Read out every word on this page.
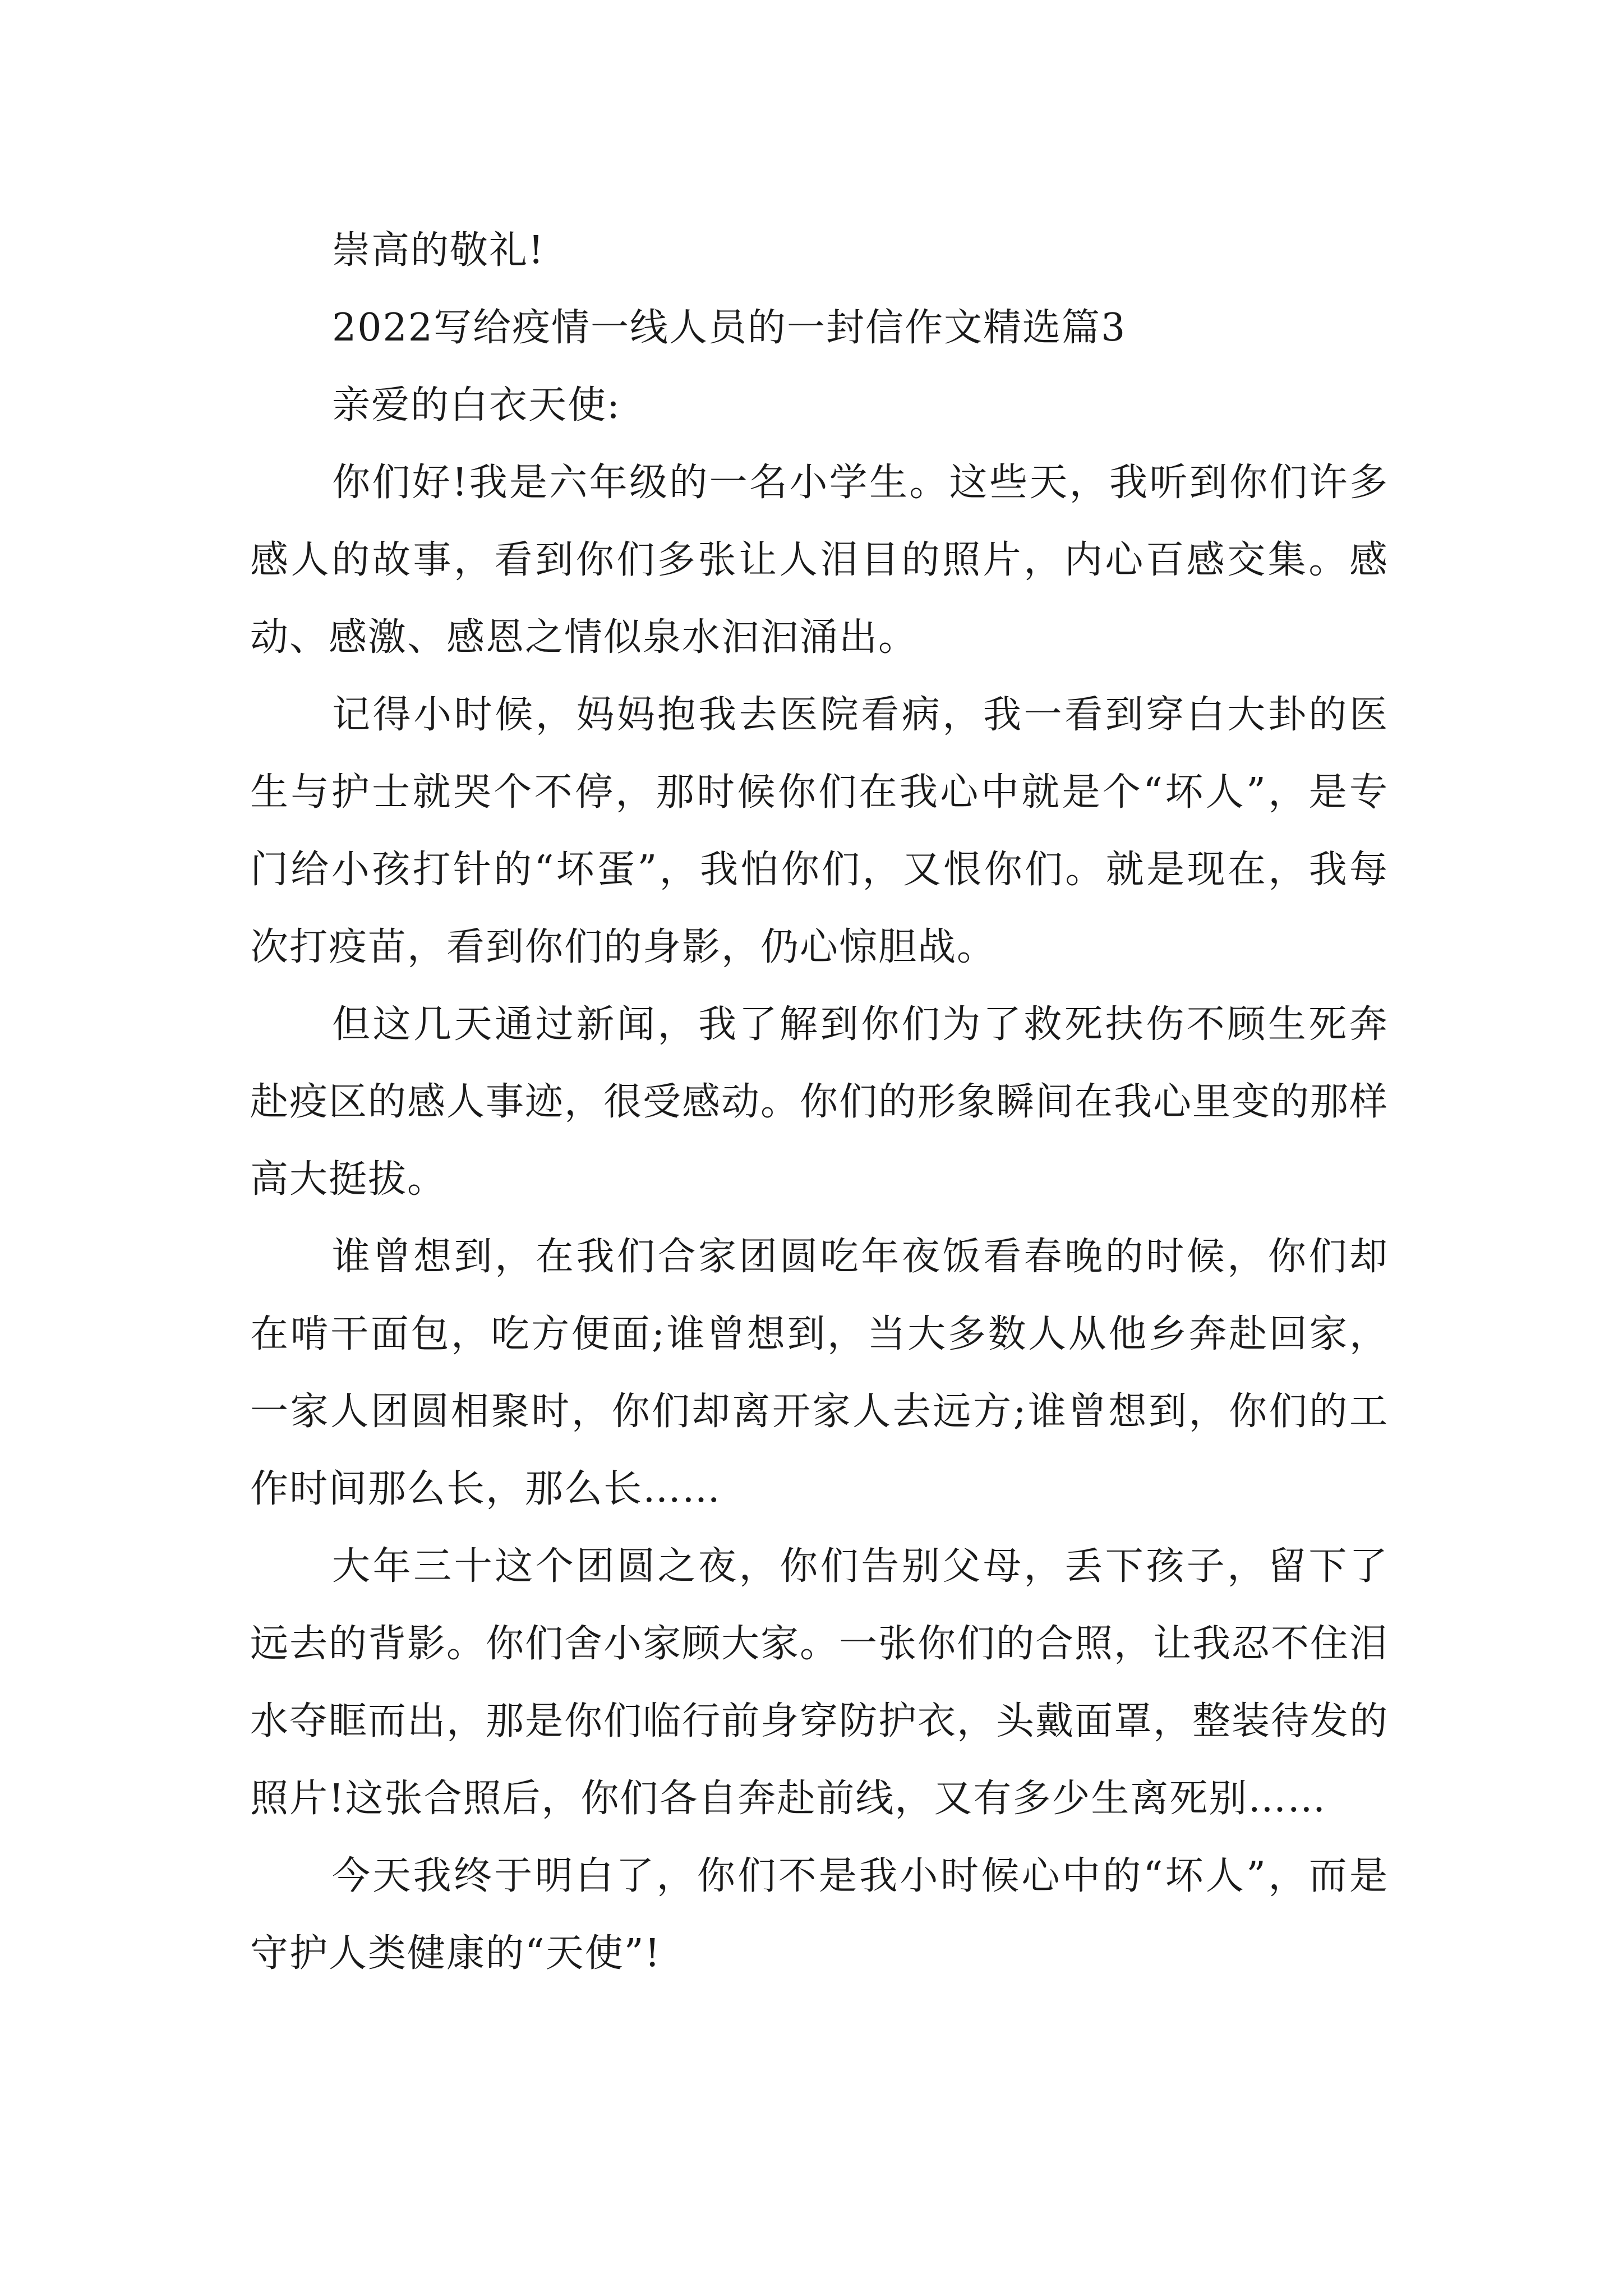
崇高的敬礼!

2022写给疫情一线人员的一封信作文精选篇3

亲爱的白衣天使:

你们好!我是六年级的一名小学生。这些天，我听到你们许多感人的故事，看到你们多张让人泪目的照片，内心百感交集。感动、感激、感恩之情似泉水汩汩涌出。

记得小时候，妈妈抱我去医院看病，我一看到穿白大卦的医生与护士就哭个不停，那时候你们在我心中就是个“坏人”，是专门给小孩打针的“坏蛋”，我怕你们，又恨你们。就是现在，我每次打疫苗，看到你们的身影，仍心惊胆战。

但这几天通过新闻，我了解到你们为了救死扶伤不顾生死奔赴疫区的感人事迹，很受感动。你们的形象瞬间在我心里变的那样高大挺拔。

谁曾想到，在我们合家团圆吃年夜饭看春晚的时候，你们却在啃干面包，吃方便面;谁曾想到，当大多数人从他乡奔赴回家，一家人团圆相聚时，你们却离开家人去远方;谁曾想到，你们的工作时间那么长，那么长……

大年三十这个团圆之夜，你们告别父母，丢下孩子，留下了远去的背影。你们舍小家顾大家。一张你们的合照，让我忍不住泪水夺眶而出，那是你们临行前身穿防护衣，头戴面罩，整装待发的照片!这张合照后，你们各自奔赴前线，又有多少生离死别……

今天我终于明白了，你们不是我小时候心中的“坏人”，而是守护人类健康的“天使”!
